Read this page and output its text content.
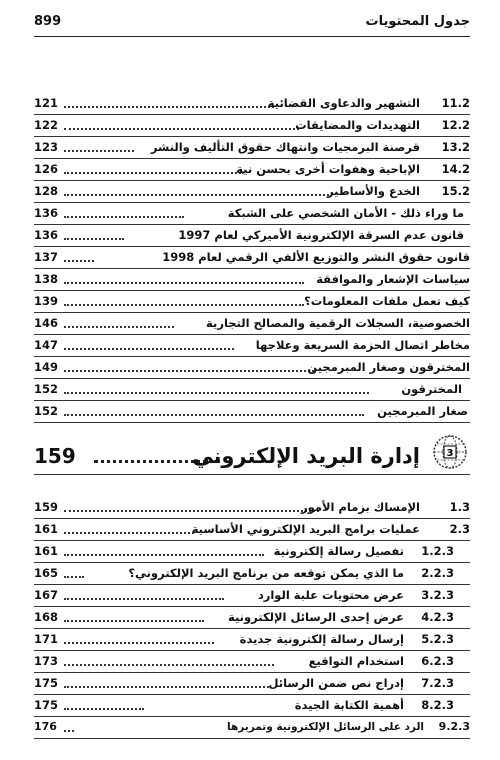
899	جدول المحتويات
121	التشهير والدعاوى القضائية 11.2
122	التهديدات والمضايقات 12.2
123	قرصنة البرمجيات وانتهاك حقوق التأليف والنشر 13.2
126	الإباحية وهفوات أخرى بحسن نية 14.2
128	الخدع والأساطير 15.2
136	ما وراء ذلك - الأمان الشخصي على الشبكة
136	قانون عدم السرقة الإلكترونية الأميركي لعام 1997
137	قانون حقوق النشر والتوزيع الألفي الرقمي لعام 1998
138	سياسات الإشعار والموافقة
139	كيف تعمل ملفات المعلومات؟
146	الخصوصية، السجلات الرقمية والمصالح التجارية
147	مخاطر اتصال الحزمة السريعة وعلاجها
149	المخترقون وصغار المبرمجين
152	المخترقون
152	صغار المبرمجين
159	إدارة البريد الإلكتروني	3
159	الإمساك بزمام الأمور	1.3
161	عمليات برامج البريد الإلكتروني الأساسية	2.3
161	تفصيل رسالة إلكترونية 1.2.3
165	ما الذي يمكن توقعه من برنامج البريد الإلكتروني؟ 2.2.3
167	عرض محتويات علبة الوارد 3.2.3
168	عرض إحدى الرسائل الإلكترونية 4.2.3
171	إرسال رسالة إلكترونية جديدة 5.2.3
173	استخدام التواقيع 6.2.3
175	إدراج نص ضمن الرسائل 7.2.3
175	أهمية الكتابة الجيدة 8.2.3
176	الرد على الرسائل الإلكترونية وتمريرها 9.2.3
